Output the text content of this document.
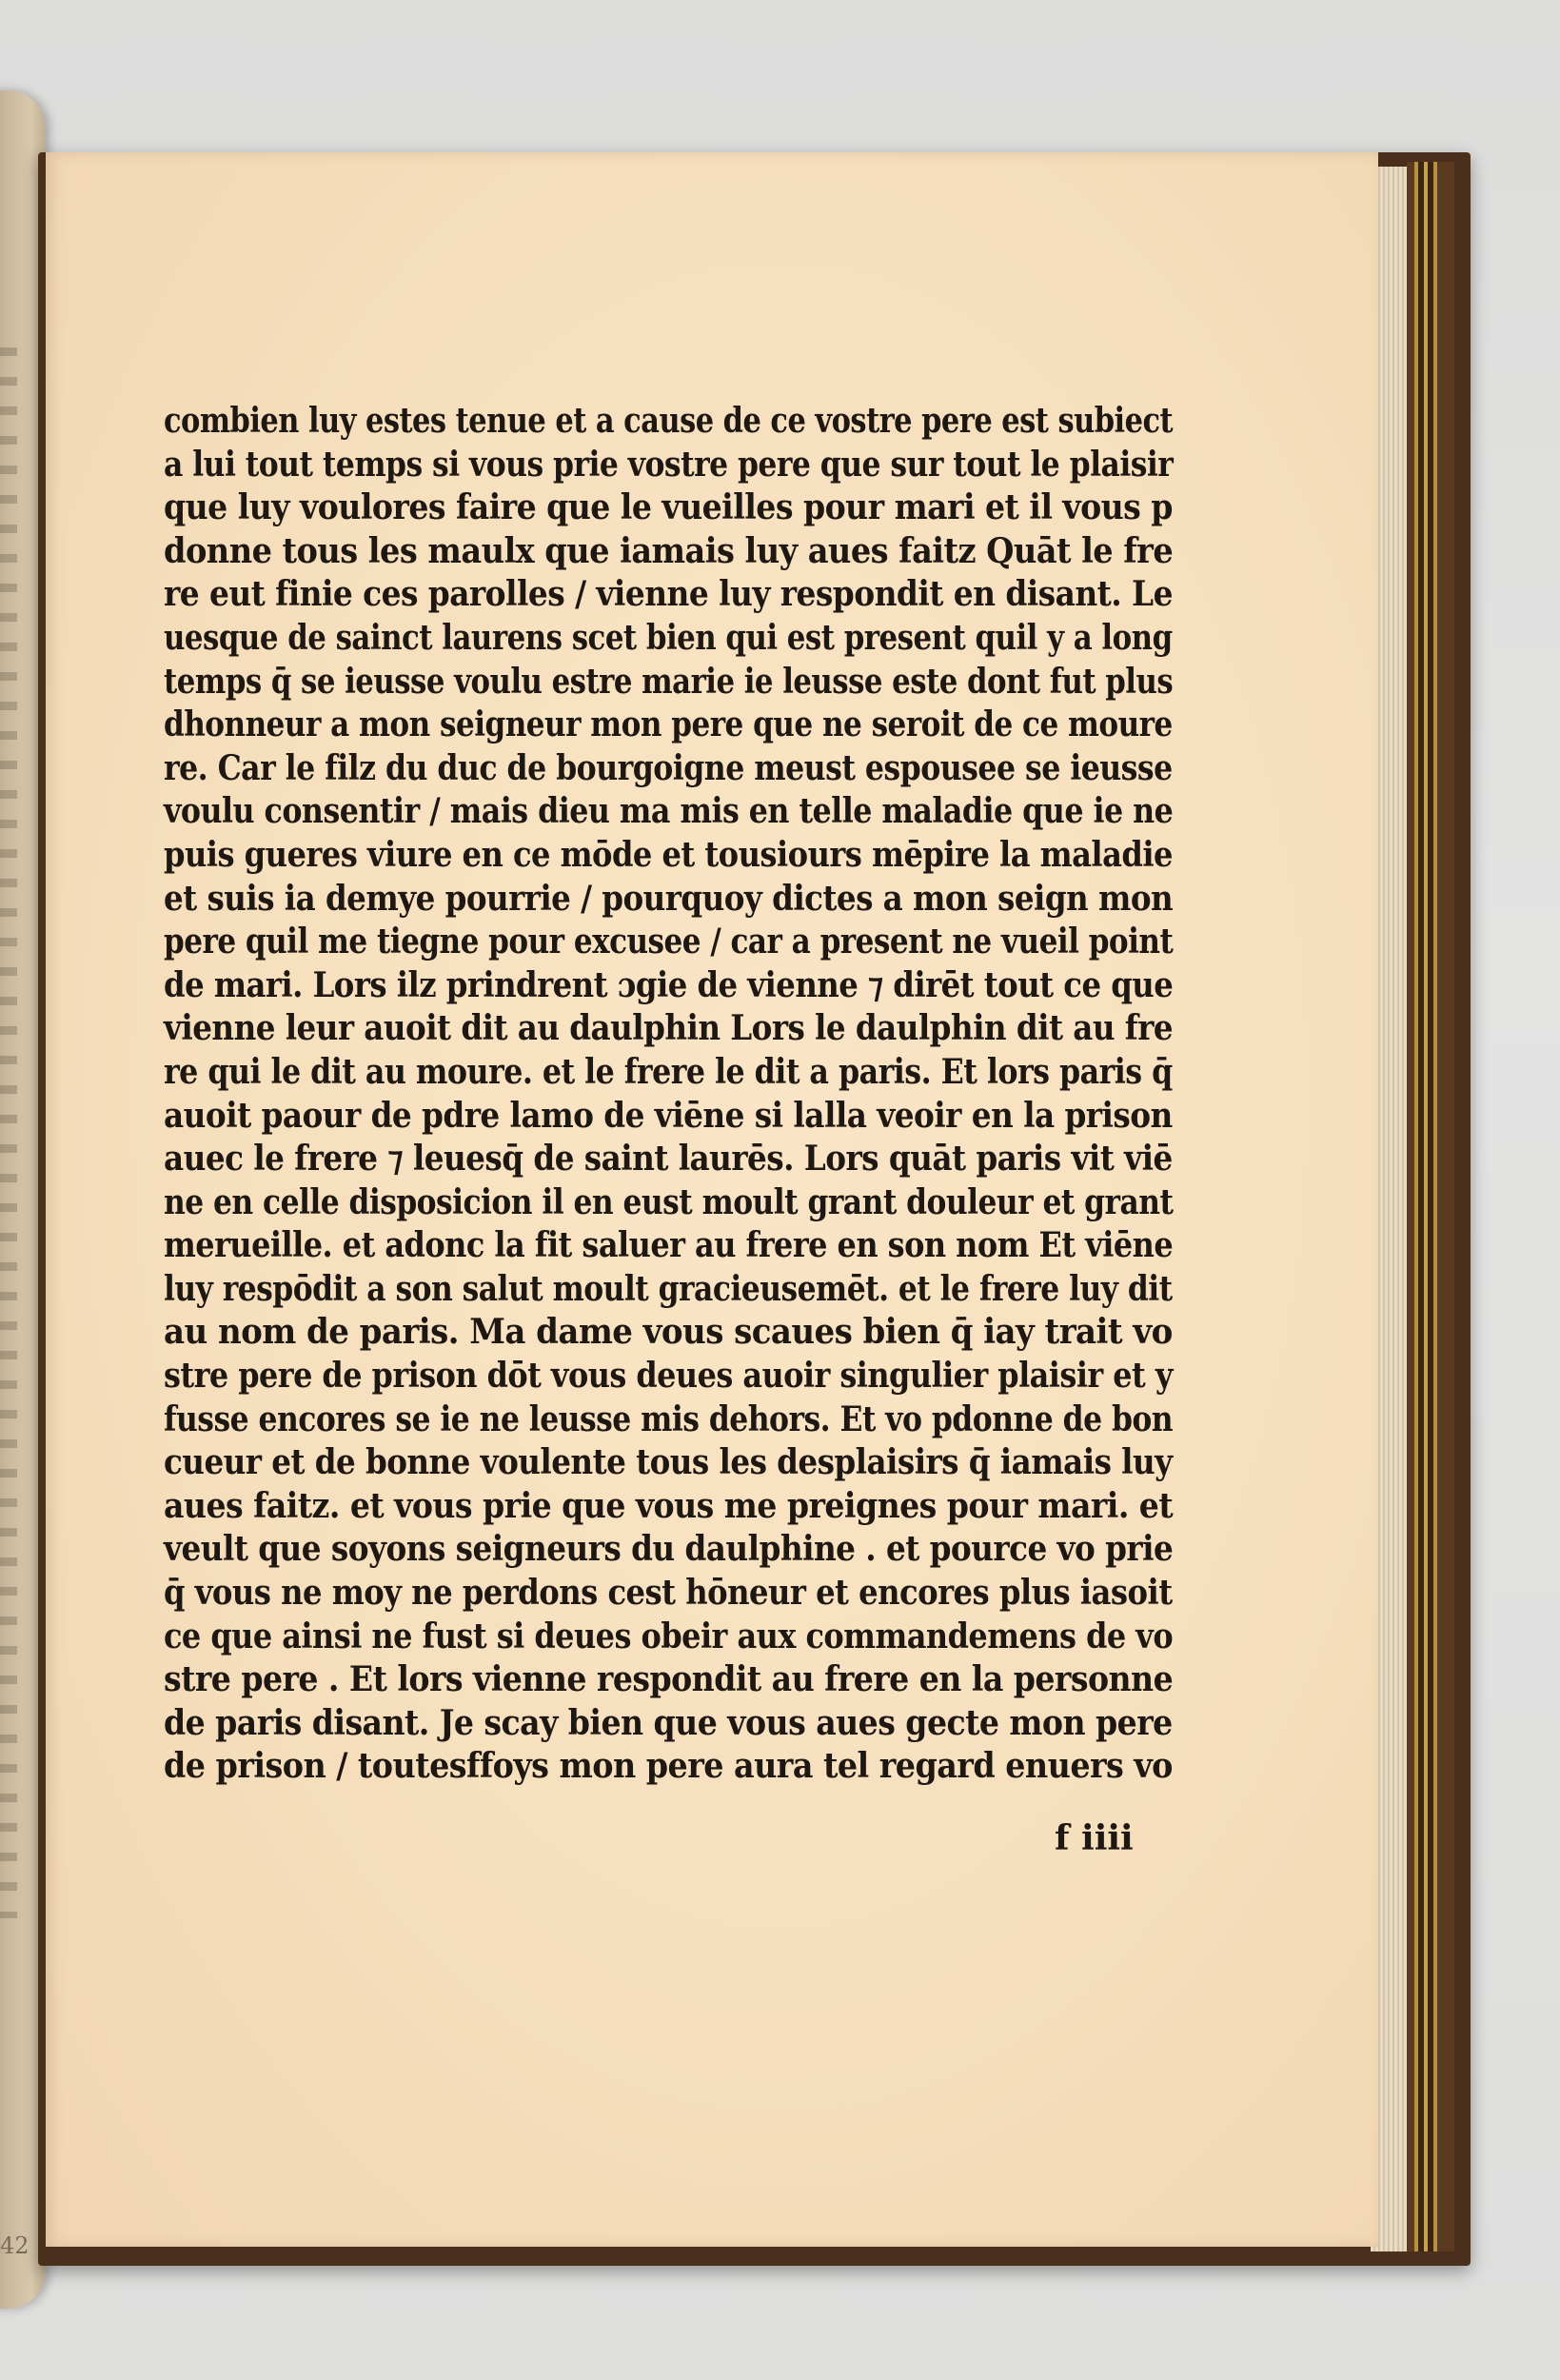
42
combien luy estes tenue et a cause de ce vostre pere est subiect
a lui tout temps si vous prie vostre pere que sur tout le plaisir
que luy voulores faire que le vueilles pour mari et il vous p
donne tous les maulx que iamais luy aues faitz Quāt le fre
re eut finie ces parolles / vienne luy respondit en disant. Le
uesque de sainct laurens scet bien qui est present quil y a long
temps q̄ se ieusse voulu estre marie ie leusse este dont fut plus
dhonneur a mon seigneur mon pere que ne seroit de ce moure
re. Car le filz du duc de bourgoigne meust espousee se ieusse
voulu consentir / mais dieu ma mis en telle maladie que ie ne
puis gueres viure en ce mōde et tousiours mēpire la maladie
et suis ia demye pourrie / pourquoy dictes a mon seign mon
pere quil me tiegne pour excusee / car a present ne vueil point
de mari. Lors ilz prindrent ɔgie de vienne ⁊ dirēt tout ce que
vienne leur auoit dit au daulphin Lors le daulphin dit au fre
re qui le dit au moure. et le frere le dit a paris. Et lors paris q̄
auoit paour de pdre lamo de viēne si lalla veoir en la prison
auec le frere ⁊ leuesq̄ de saint laurēs. Lors quāt paris vit viē
ne en celle disposicion il en eust moult grant douleur et grant
merueille. et adonc la fit saluer au frere en son nom Et viēne
luy respōdit a son salut moult gracieusemēt. et le frere luy dit
au nom de paris. Ma dame vous scaues bien q̄ iay trait vo
stre pere de prison dōt vous deues auoir singulier plaisir et y
fusse encores se ie ne leusse mis dehors. Et vo pdonne de bon
cueur et de bonne voulente tous les desplaisirs q̄ iamais luy
aues faitz. et vous prie que vous me preignes pour mari. et
veult que soyons seigneurs du daulphine . et pource vo prie
q̄ vous ne moy ne perdons cest hōneur et encores plus iasoit
ce que ainsi ne fust si deues obeir aux commandemens de vo
stre pere . Et lors vienne respondit au frere en la personne
de paris disant. Je scay bien que vous aues gecte mon pere
de prison / toutesffoys mon pere aura tel regard enuers vo
f iiii
